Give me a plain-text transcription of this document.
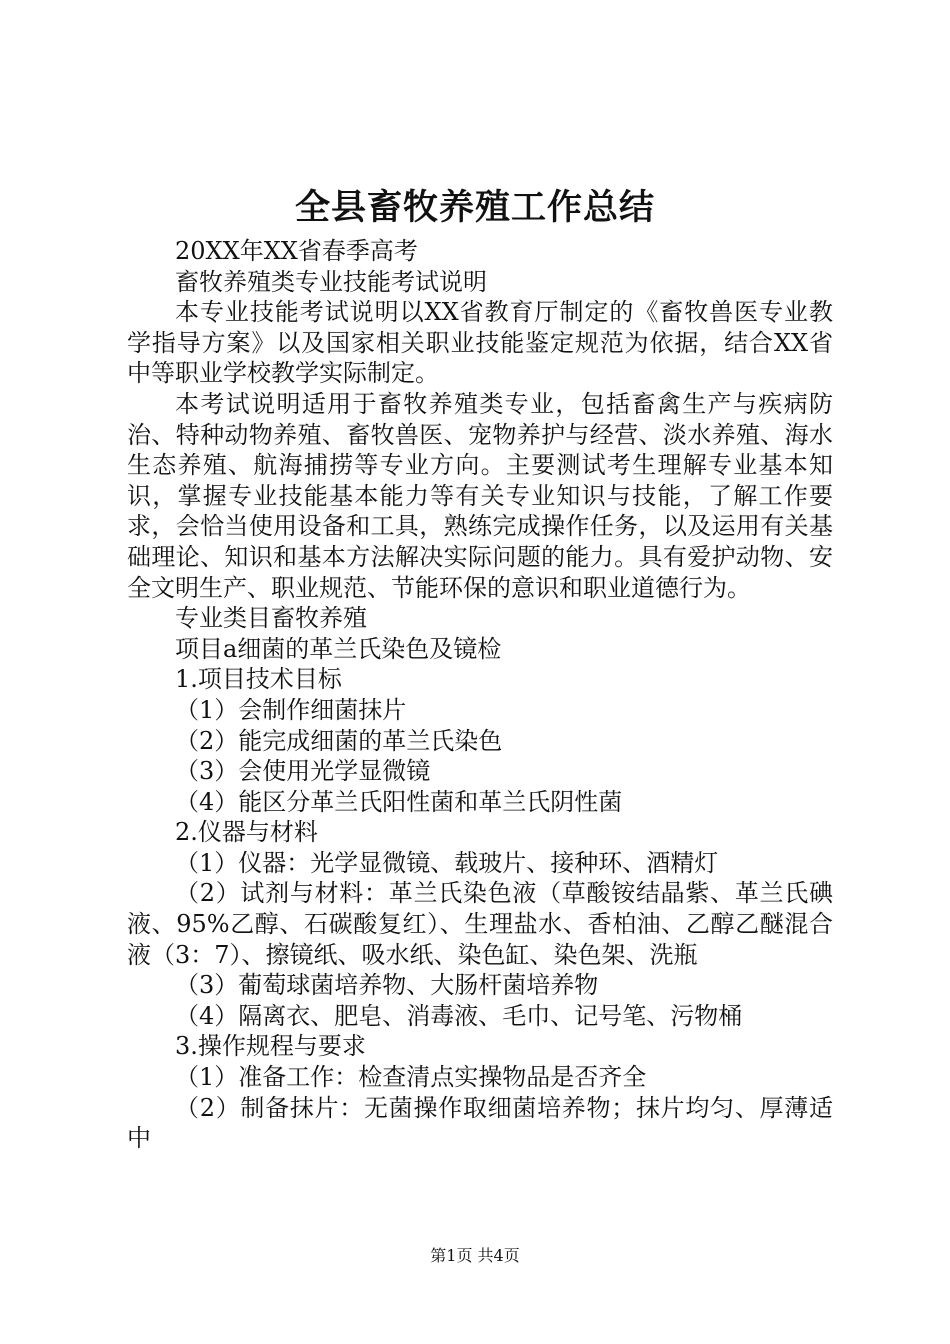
全县畜牧养殖工作总结

20XX年XX省春季高考

畜牧养殖类专业技能考试说明

本专业技能考试说明以XX省教育厅制定的《畜牧兽医专业教学指导方案》以及国家相关职业技能鉴定规范为依据，结合XX省中等职业学校教学实际制定。

本考试说明适用于畜牧养殖类专业，包括畜禽生产与疾病防治、特种动物养殖、畜牧兽医、宠物养护与经营、淡水养殖、海水生态养殖、航海捕捞等专业方向。主要测试考生理解专业基本知识，掌握专业技能基本能力等有关专业知识与技能，了解工作要求，会恰当使用设备和工具，熟练完成操作任务，以及运用有关基础理论、知识和基本方法解决实际问题的能力。具有爱护动物、安全文明生产、职业规范、节能环保的意识和职业道德行为。

专业类目畜牧养殖

项目a细菌的革兰氏染色及镜检

1.项目技术目标

（1）会制作细菌抹片

（2）能完成细菌的革兰氏染色

（3）会使用光学显微镜

（4）能区分革兰氏阳性菌和革兰氏阴性菌

2.仪器与材料

（1）仪器：光学显微镜、载玻片、接种环、酒精灯

（2）试剂与材料：革兰氏染色液（草酸铵结晶紫、革兰氏碘液、95%乙醇、石碳酸复红）、生理盐水、香柏油、乙醇乙醚混合液（3：7）、擦镜纸、吸水纸、染色缸、染色架、洗瓶

（3）葡萄球菌培养物、大肠杆菌培养物

（4）隔离衣、肥皂、消毒液、毛巾、记号笔、污物桶

3.操作规程与要求

（1）准备工作：检查清点实操物品是否齐全

（2）制备抹片：无菌操作取细菌培养物；抹片均匀、厚薄适中

第1页 共4页
